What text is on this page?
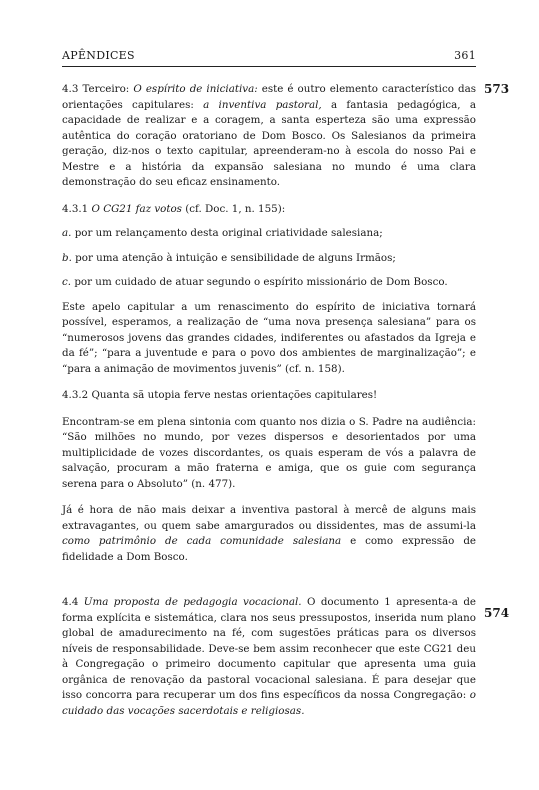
APÊNDICES	361
573
574

4.3 Terceiro: O espírito de iniciativa: este é outro elemento característico das orientações capitulares: a inventiva pastoral, a fantasia pedagógica, a capacidade de realizar e a coragem, a santa esperteza são uma expressão autêntica do coração oratoriano de Dom Bosco. Os Salesianos da primeira geração, diz-nos o texto capitular, apreenderam-no à escola do nosso Pai e Mestre e a história da expansão salesiana no mundo é uma clara demonstração do seu eficaz ensinamento.

4.3.1 O CG21 faz votos (cf. Doc. 1, n. 155):

a. por um relançamento desta original criatividade salesiana;

b. por uma atenção à intuição e sensibilidade de alguns Irmãos;

c. por um cuidado de atuar segundo o espírito missionário de Dom Bosco.

Este apelo capitular a um renascimento do espírito de iniciativa tornará possível, esperamos, a realização de “uma nova presença salesiana” para os “numerosos jovens das grandes cidades, indiferentes ou afastados da Igreja e da fé”; “para a juventude e para o povo dos ambientes de marginalização”; e “para a animação de movimentos juvenis” (cf. n. 158).

4.3.2 Quanta sã utopia ferve nestas orientações capitulares!

Encontram-se em plena sintonia com quanto nos dizia o S. Padre na audiência: “São milhões no mundo, por vezes dispersos e desorientados por uma multiplicidade de vozes discordantes, os quais esperam de vós a palavra de salvação, procuram a mão fraterna e amiga, que os guie com segurança serena para o Absoluto” (n. 477).

Já é hora de não mais deixar a inventiva pastoral à mercê de alguns mais extravagantes, ou quem sabe amargurados ou dissidentes, mas de assumi-la como patrimônio de cada comunidade salesiana e como expressão de fidelidade a Dom Bosco.

4.4 Uma proposta de pedagogia vocacional. O documento 1 apresenta-a de forma explícita e sistemática, clara nos seus pressupostos, inserida num plano global de amadurecimento na fé, com sugestões práticas para os diversos níveis de responsabilidade. Deve-se bem assim reconhecer que este CG21 deu à Congregação o primeiro documento capitular que apresenta uma guia orgânica de renovação da pastoral vocacional salesiana. É para desejar que isso concorra para recuperar um dos fins específicos da nossa Congregação: o cuidado das vocações sacerdotais e religiosas.
